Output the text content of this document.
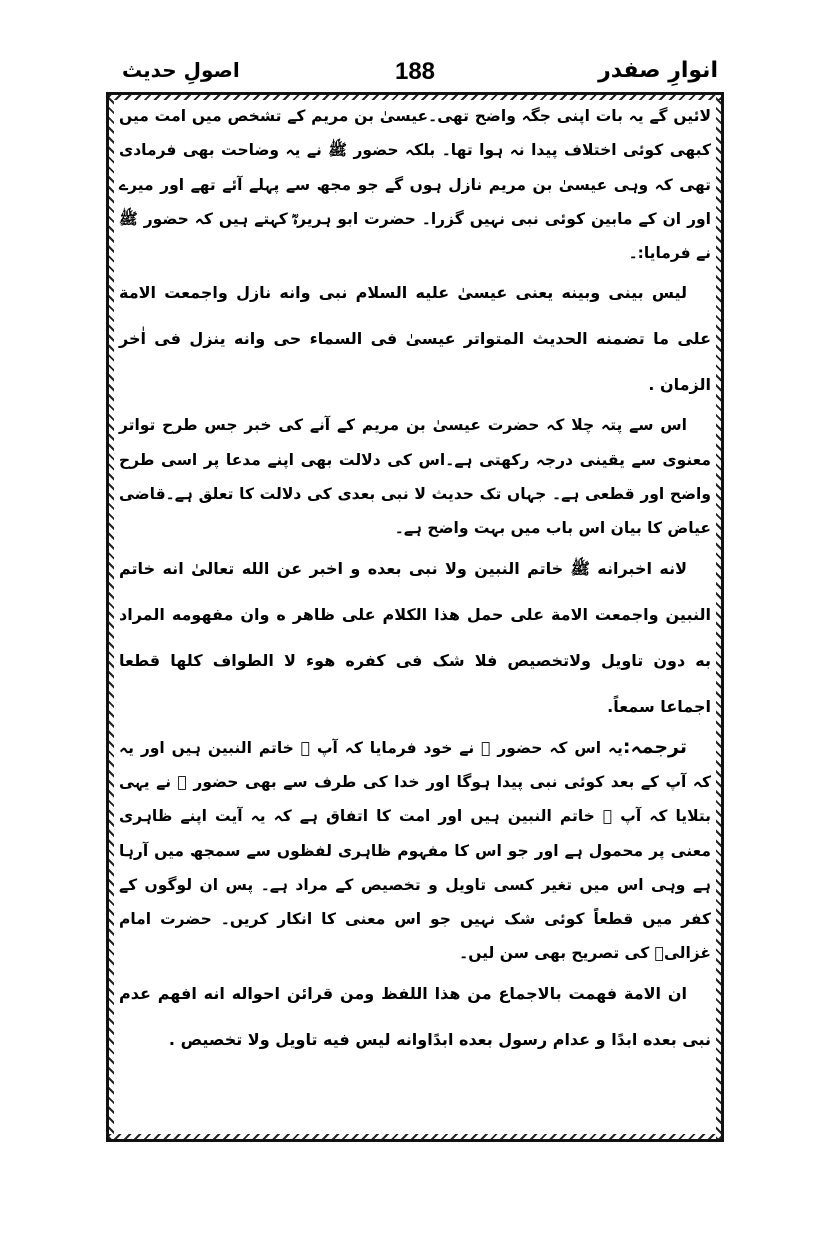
انوارِ صفدر
188
اصولِ حدیث

لائیں گے یہ بات اپنی جگہ واضح تھی۔عیسیٰ بن مریم کے تشخص میں امت میں کبھی کوئی اختلاف پیدا نہ ہوا تھا۔ بلکہ حضور ﷺ نے یہ وضاحت بھی فرمادی تھی کہ وہی عیسیٰ بن مریم نازل ہوں گے جو مجھ سے پہلے آئے تھے اور میرے اور ان کے مابین کوئی نبی نہیں گزرا۔ حضرت ابو ہریرہؓ کہتے ہیں کہ حضور ﷺ نے فرمایا:۔

لیس بینی وبینه یعنی عیسیٰ علیه السلام نبی وانه نازل واجمعت الامة علی ما تضمنه الحدیث المتواتر عیسیٰ فی السماء حی وانه ینزل فی اٰخر الزمان .

اس سے پتہ چلا کہ حضرت عیسیٰ بن مریم کے آنے کی خبر جس طرح تواتر معنوی سے یقینی درجہ رکھتی ہے۔اس کی دلالت بھی اپنے مدعا پر اسی طرح واضح اور قطعی ہے۔ جہاں تک حدیث لا نبی بعدی کی دلالت کا تعلق ہے۔قاضی عیاض کا بیان اس باب میں بہت واضح ہے۔

لانه اخبرانه ﷺ خاتم النبین ولا نبی بعده و اخبر عن الله تعالیٰ انه خاتم النبین واجمعت الامة علی حمل هذا الکلام علی ظاهر ه وان مفهومه المراد به دون تاویل ولاتخصیص فلا شک فی کفره هوء لا الطواف کلها قطعا اجماعا سمعاً.

ترجمہ:یہ اس کہ حضور ﷺ نے خود فرمایا کہ آپ ﷺ خاتم النبین ہیں اور یہ کہ آپ کے بعد کوئی نبی پیدا ہوگا اور خدا کی طرف سے بھی حضور ﷺ نے یہی بتلایا کہ آپ ﷺ خاتم النبین ہیں اور امت کا اتفاق ہے کہ یہ آیت اپنے ظاہری معنی پر محمول ہے اور جو اس کا مفہوم ظاہری لفظوں سے سمجھ میں آرہا ہے وہی اس میں تغیر کسی تاویل و تخصیص کے مراد ہے۔ پس ان لوگوں کے کفر میں قطعاً کوئی شک نہیں جو اس معنی کا انکار کریں۔ حضرت امام غزالیؒ کی تصریح بھی سن لیں۔

ان الامة فهمت بالاجماع من هذا اللفظ ومن قرائن احواله انه افهم عدم نبی بعده ابدًا و عدام رسول بعده ابدًاوانه لیس فیه تاویل ولا تخصیص .
